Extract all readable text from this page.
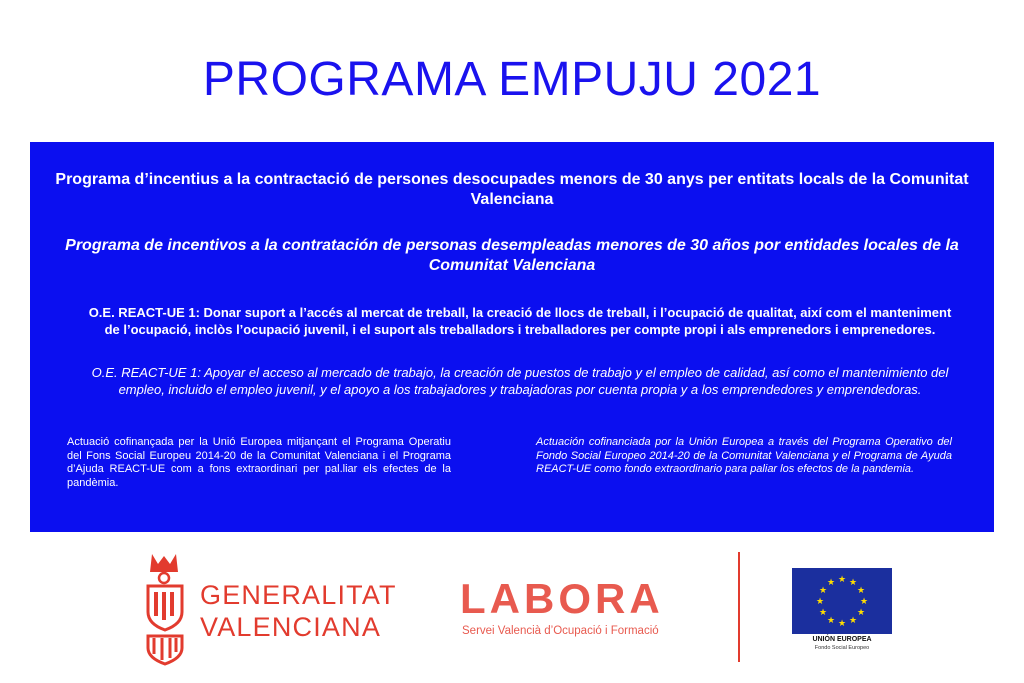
PROGRAMA EMPUJU 2021
Programa d’incentius a la contractació de persones desocupades menors de 30 anys per entitats locals de la Comunitat Valenciana
Programa de incentivos a la contratación de personas desempleadas menores de 30 años por entidades locales de la Comunitat Valenciana
O.E. REACT-UE 1: Donar suport a l’accés al mercat de treball, la creació de llocs de treball, i l’ocupació de qualitat, així com el manteniment de l’ocupació, inclòs l’ocupació juvenil, i el suport als treballadors i treballadores per compte propi i als emprenedors i emprenedores.
O.E. REACT-UE 1: Apoyar el acceso al mercado de trabajo, la creación de puestos de trabajo y el empleo de calidad, así como el mantenimiento del empleo, incluido el empleo juvenil, y el apoyo a los trabajadores y trabajadoras por cuenta propia y a los emprendedores y emprendedoras.
Actuació cofinançada per la Unió Europea mitjançant el Programa Operatiu del Fons Social Europeu 2014-20 de la Comunitat Valenciana i el Programa d’Ajuda REACT-UE com a fons extraordinari per pal.liar els efectes de la pandèmia.
Actuación cofinanciada por la Unión Europea a través del Programa Operativo del Fondo Social Europeo 2014-20 de la Comunitat Valenciana y el Programa de Ayuda REACT-UE como fondo extraordinario para paliar los efectos de la pandemia.
GENERALITAT
VALENCIANA
LABORA
Servei Valencià d’Ocupació i Formació
★ ★
★
★
★
★
★
★
★
★
★
★
UNIÓN EUROPEA
Fondo Social Europeo
